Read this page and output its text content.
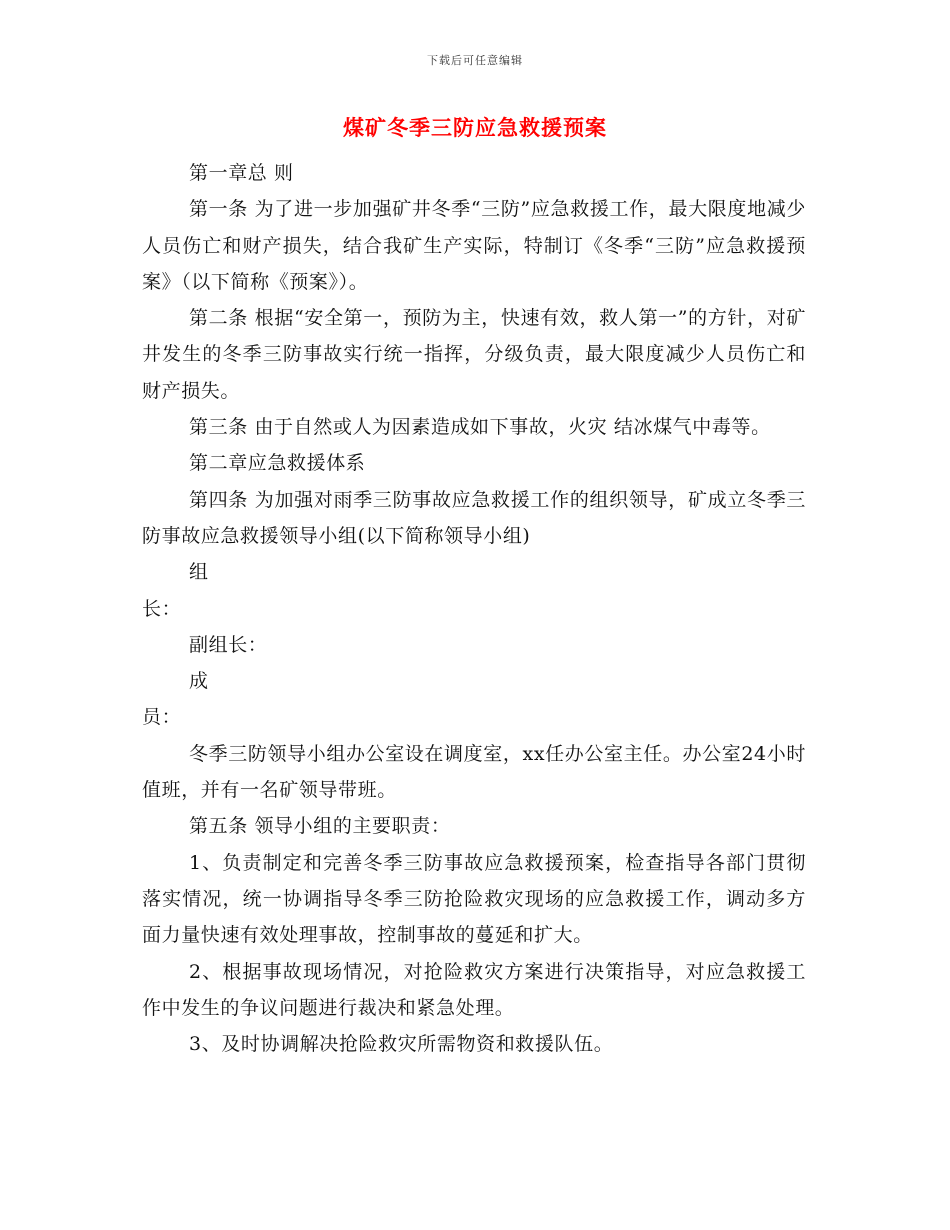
下载后可任意编辑
煤矿冬季三防应急救援预案

第一章总 则

第一条 为了进一步加强矿井冬季“三防”应急救援工作，最大限度地减少人员伤亡和财产损失，结合我矿生产实际，特制订《冬季“三防”应急救援预案》（以下简称《预案》）。

第二条 根据“安全第一，预防为主，快速有效，救人第一”的方针，对矿井发生的冬季三防事故实行统一指挥，分级负责，最大限度减少人员伤亡和财产损失。

第三条 由于自然或人为因素造成如下事故，火灾 结冰煤气中毒等。

第二章应急救援体系

第四条 为加强对雨季三防事故应急救援工作的组织领导，矿成立冬季三防事故应急救援领导小组(以下简称领导小组)

组长：

副组长：

成员：

冬季三防领导小组办公室设在调度室，xx任办公室主任。办公室24小时值班，并有一名矿领导带班。

第五条 领导小组的主要职责：

1、负责制定和完善冬季三防事故应急救援预案，检查指导各部门贯彻落实情况，统一协调指导冬季三防抢险救灾现场的应急救援工作，调动多方面力量快速有效处理事故，控制事故的蔓延和扩大。

2、根据事故现场情况，对抢险救灾方案进行决策指导，对应急救援工作中发生的争议问题进行裁决和紧急处理。

3、及时协调解决抢险救灾所需物资和救援队伍。
